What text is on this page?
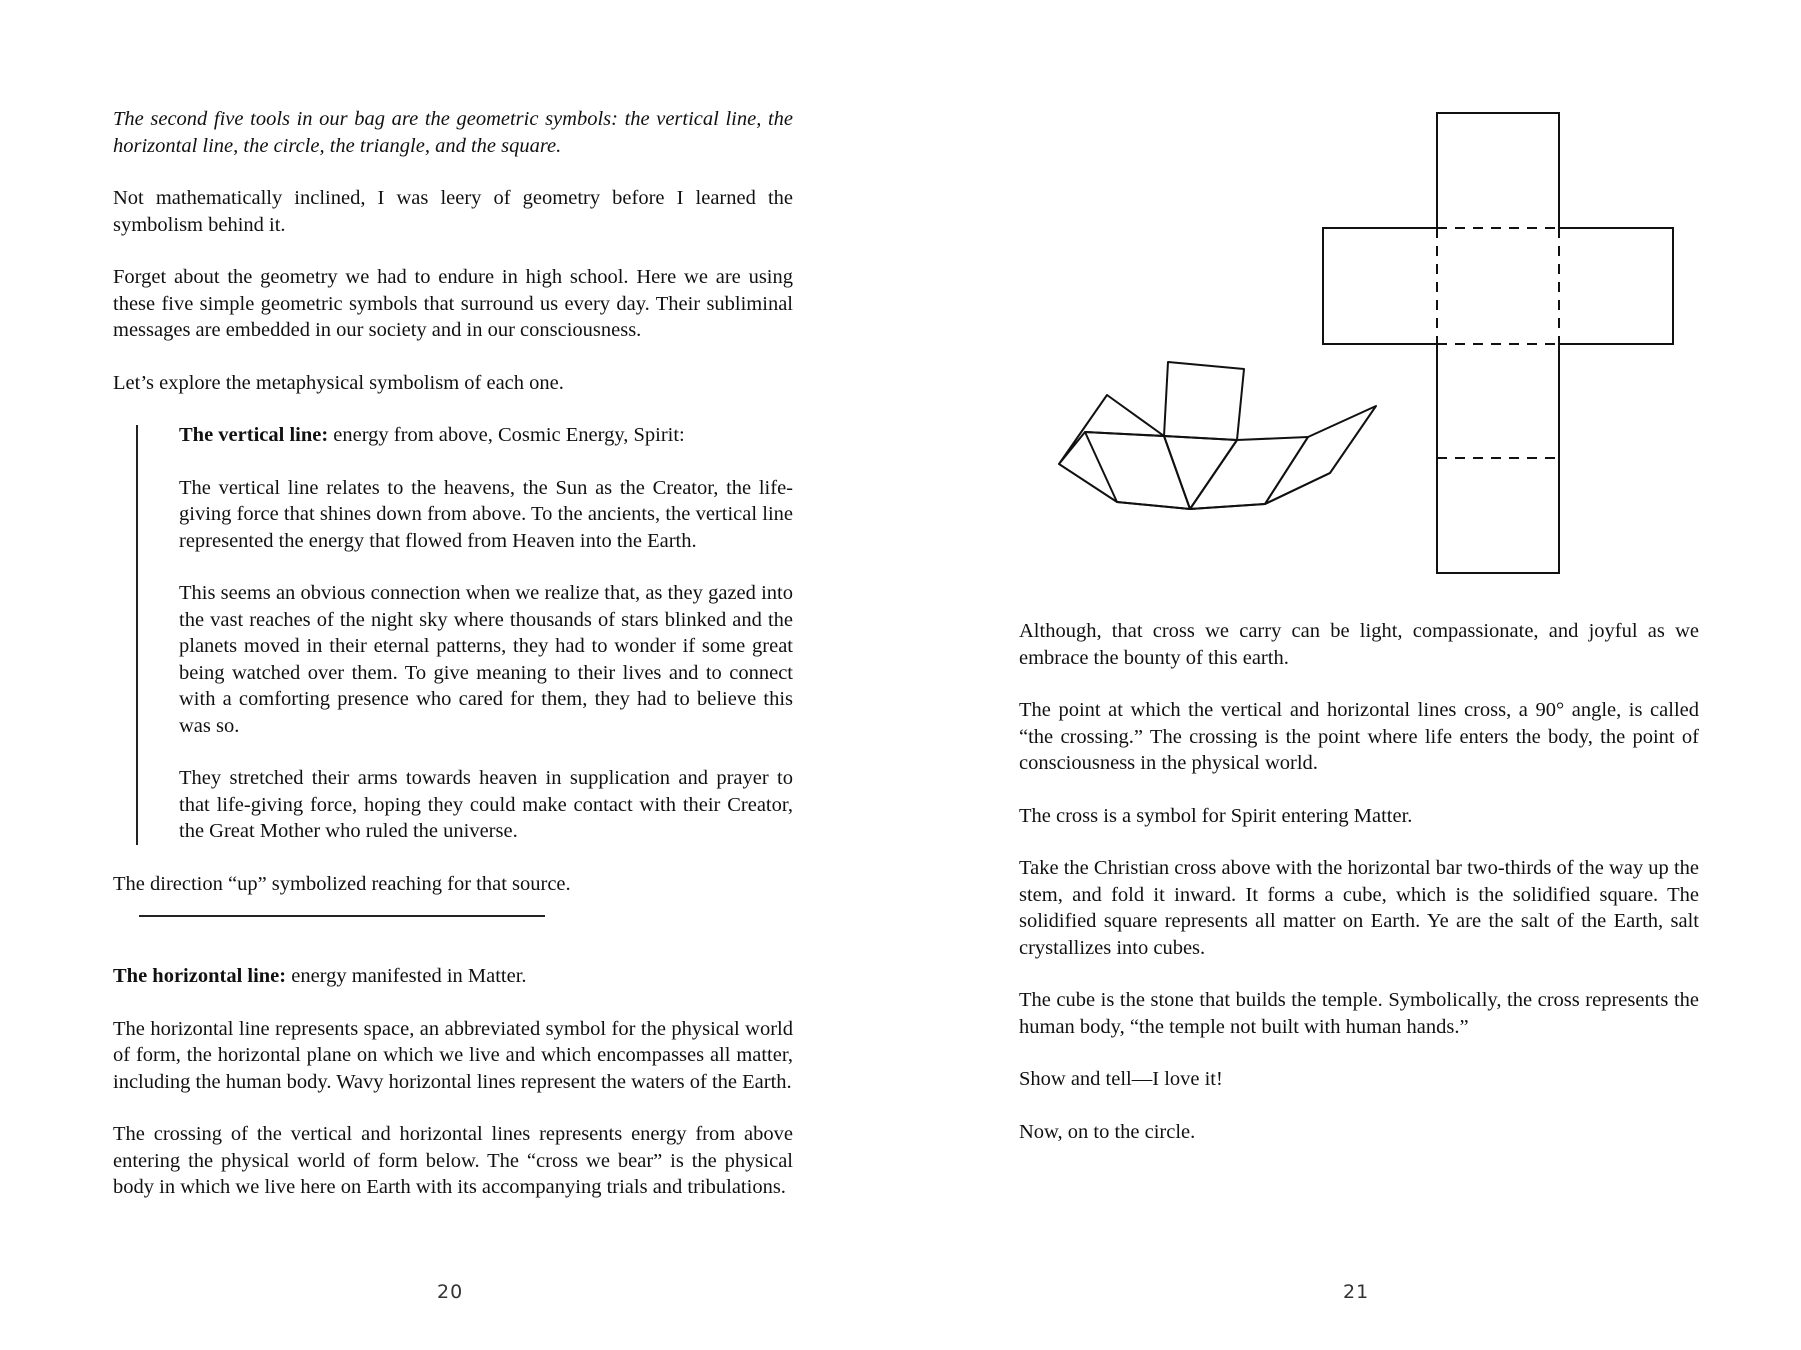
The second five tools in our bag are the geometric symbols: the vertical line, the horizontal line, the circle, the triangle, and the square.

Not mathematically inclined, I was leery of geometry before I learned the symbolism behind it.

Forget about the geometry we had to endure in high school. Here we are using these five simple geometric symbols that surround us every day. Their subliminal messages are embedded in our society and in our consciousness.

Let’s explore the metaphysical symbolism of each one.

The vertical line: energy from above, Cosmic Energy, Spirit:

The vertical line relates to the heavens, the Sun as the Creator, the life-giving force that shines down from above. To the ancients, the vertical line represented the energy that flowed from Heaven into the Earth.

This seems an obvious connection when we realize that, as they gazed into the vast reaches of the night sky where thousands of stars blinked and the planets moved in their eternal patterns, they had to wonder if some great being watched over them. To give meaning to their lives and to connect with a comforting presence who cared for them, they had to believe this was so.

They stretched their arms towards heaven in supplication and prayer to that life-giving force, hoping they could make contact with their Creator, the Great Mother who ruled the universe.

The direction “up” symbolized reaching for that source.

The horizontal line: energy manifested in Matter.

The horizontal line represents space, an abbreviated symbol for the physical world of form, the horizontal plane on which we live and which encompasses all matter, including the human body. Wavy horizontal lines represent the waters of the Earth.

The crossing of the vertical and horizontal lines represents energy from above entering the physical world of form below. The “cross we bear” is the physical body in which we live here on Earth with its accompanying trials and tribulations.

20	21

Although, that cross we carry can be light, compassionate, and joyful as we embrace the bounty of this earth.

The point at which the vertical and horizontal lines cross, a 90° angle, is called “the crossing.” The crossing is the point where life enters the body, the point of consciousness in the physical world.

The cross is a symbol for Spirit entering Matter.

Take the Christian cross above with the horizontal bar two-thirds of the way up the stem, and fold it inward. It forms a cube, which is the solidified square. The solidified square represents all matter on Earth. Ye are the salt of the Earth, salt crystallizes into cubes.

The cube is the stone that builds the temple. Symbolically, the cross represents the human body, “the temple not built with human hands.”

Show and tell—I love it!

Now, on to the circle.
